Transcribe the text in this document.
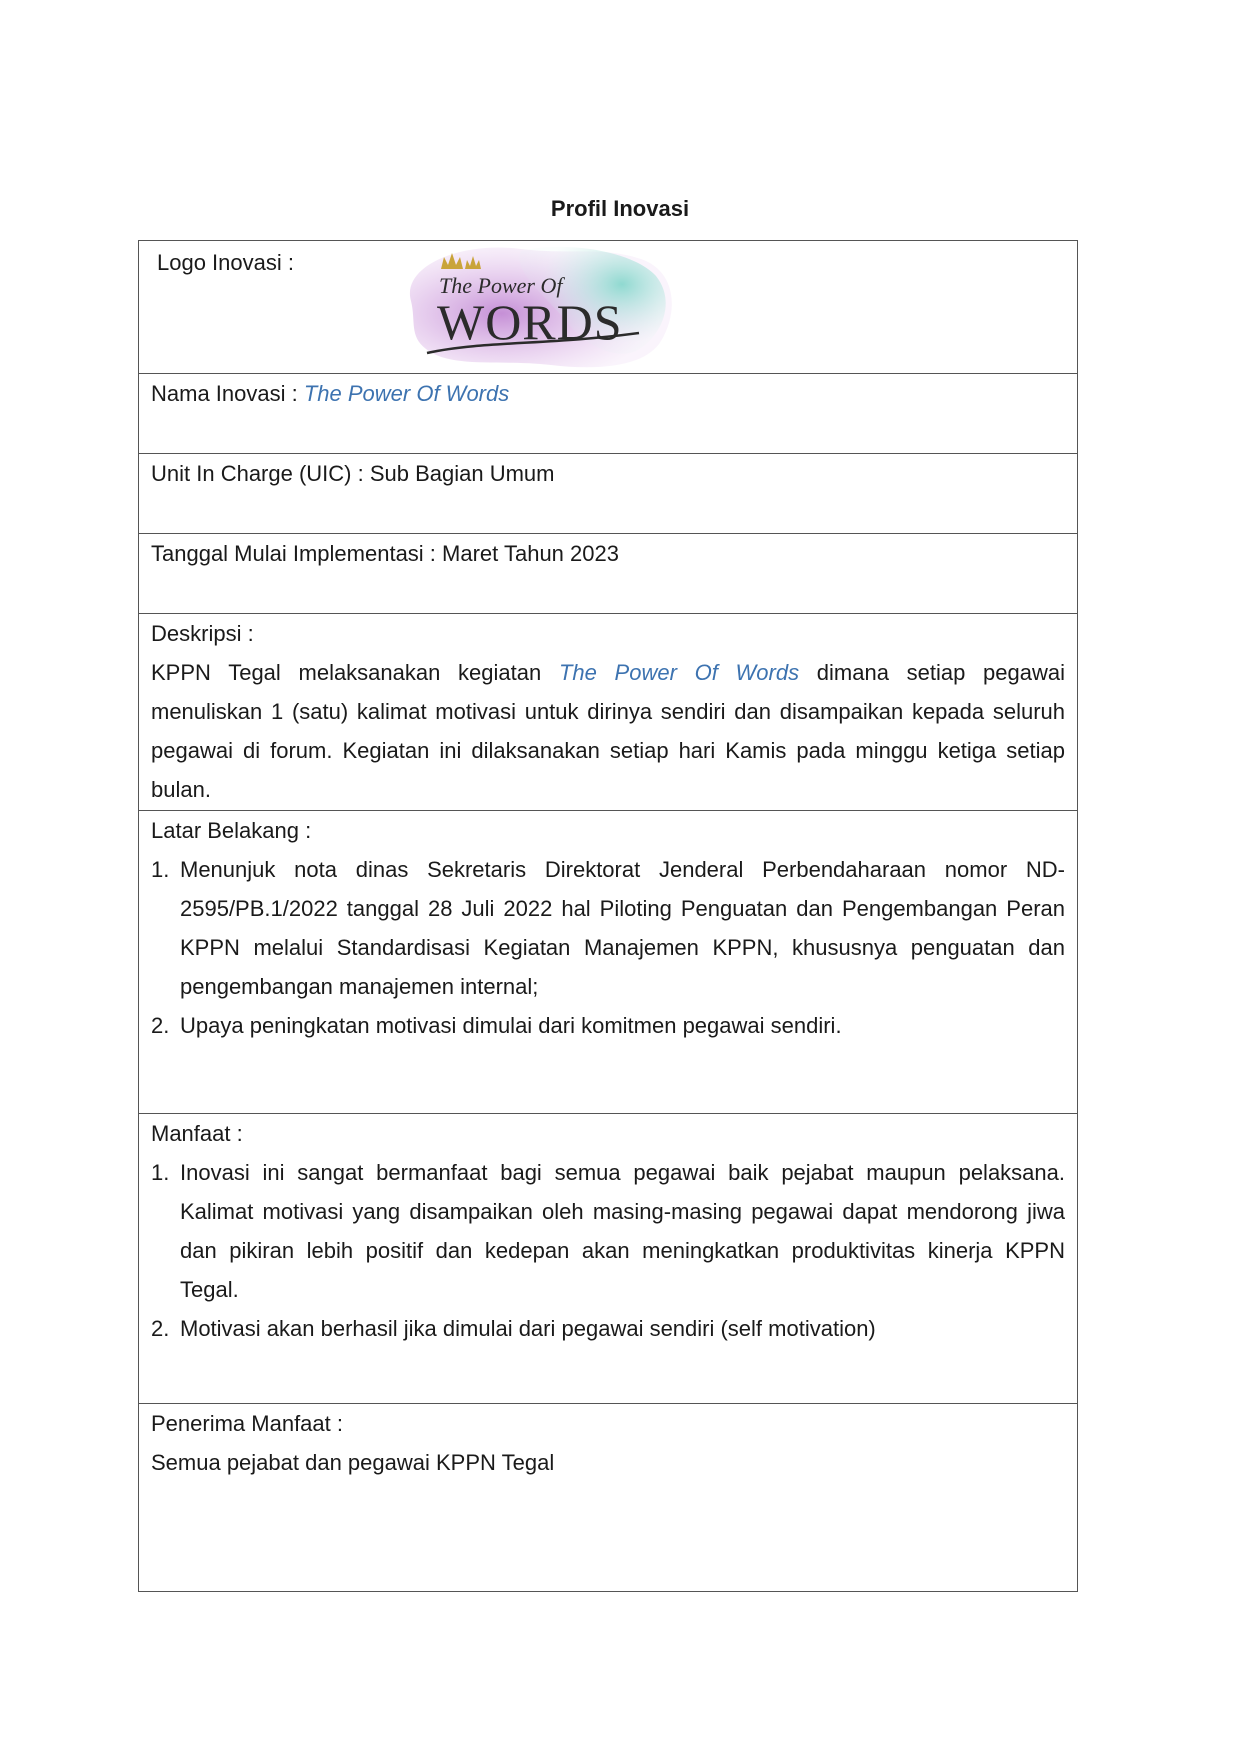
Profil Inovasi
Logo Inovasi :
The Power Of
WORDS
Nama Inovasi : The Power Of Words
Unit In Charge (UIC) : Sub Bagian Umum
Tanggal Mulai Implementasi : Maret Tahun 2023
Deskripsi :
KPPN Tegal melaksanakan kegiatan The Power Of Words dimana setiap pegawai menuliskan 1 (satu) kalimat motivasi untuk dirinya sendiri dan disampaikan kepada seluruh pegawai di forum. Kegiatan ini dilaksanakan setiap hari Kamis pada minggu ketiga setiap bulan.
Latar Belakang :
1. Menunjuk nota dinas Sekretaris Direktorat Jenderal Perbendaharaan nomor ND-2595/PB.1/2022 tanggal 28 Juli 2022 hal Piloting Penguatan dan Pengembangan Peran KPPN melalui Standardisasi Kegiatan Manajemen KPPN, khususnya penguatan dan pengembangan manajemen internal;
2. Upaya peningkatan motivasi dimulai dari komitmen pegawai sendiri.
Manfaat :
1. Inovasi ini sangat bermanfaat bagi semua pegawai baik pejabat maupun pelaksana. Kalimat motivasi yang disampaikan oleh masing-masing pegawai dapat mendorong jiwa dan pikiran lebih positif dan kedepan akan meningkatkan produktivitas kinerja KPPN Tegal.
2. Motivasi akan berhasil jika dimulai dari pegawai sendiri (self motivation)
Penerima Manfaat :
Semua pejabat dan pegawai KPPN Tegal
